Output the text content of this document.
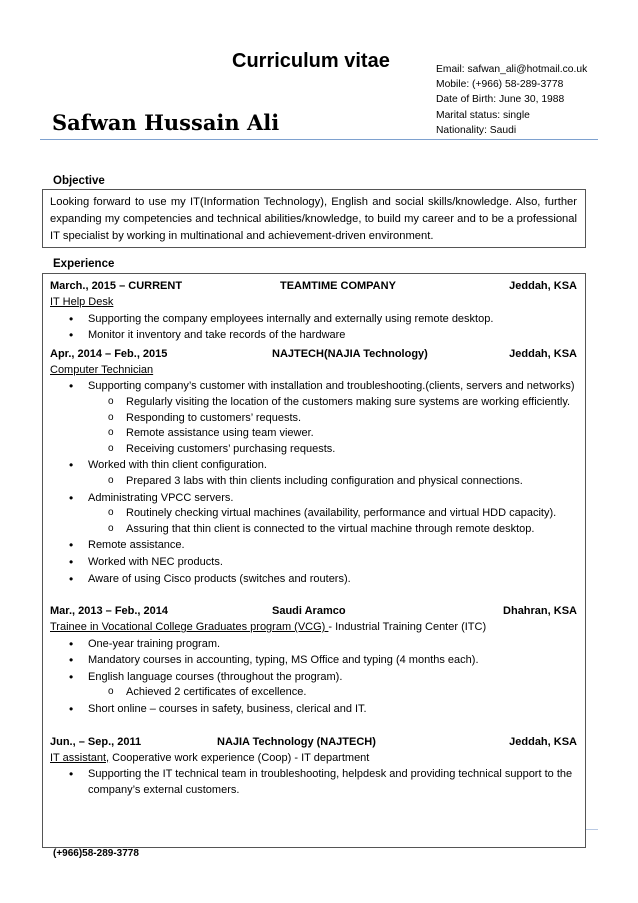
Curriculum vitae
Safwan Hussain Ali
Email: safwan_ali@hotmail.co.uk
Mobile: (+966) 58-289-3778
Date of Birth: June 30, 1988
Marital status: single
Nationality: Saudi
Objective
Looking forward to use my IT(Information Technology), English and social skills/knowledge. Also, further expanding my competencies and technical abilities/knowledge, to build my career and to be a professional IT specialist by working in multinational and achievement-driven environment.
Experience
March., 2015 – CURRENT	TEAMTIME COMPANY	Jeddah, KSA
IT Help Desk
• Supporting the company employees internally and externally using remote desktop.
• Monitor it inventory and take records of the hardware
Apr., 2014 – Feb., 2015	NAJTECH(NAJIA Technology)	Jeddah, KSA
Computer Technician
• Supporting company’s customer with installation and troubleshooting.(clients, servers and networks)
o Regularly visiting the location of the customers making sure systems are working efficiently.
o Responding to customers’ requests.
o Remote assistance using team viewer.
o Receiving customers’ purchasing requests.
• Worked with thin client configuration.
o Prepared 3 labs with thin clients including configuration and physical connections.
• Administrating VPCC servers.
o Routinely checking virtual machines (availability, performance and virtual HDD capacity).
o Assuring that thin client is connected to the virtual machine through remote desktop.
• Remote assistance.
• Worked with NEC products.
• Aware of using Cisco products (switches and routers).
Mar., 2013 – Feb., 2014	Saudi Aramco	Dhahran, KSA
Trainee in Vocational College Graduates program (VCG) - Industrial Training Center (ITC)
• One-year training program.
• Mandatory courses in accounting, typing, MS Office and typing (4 months each).
• English language courses (throughout the program).
o Achieved 2 certificates of excellence.
• Short online – courses in safety, business, clerical and IT.
Jun., – Sep., 2011	NAJIA Technology (NAJTECH)	Jeddah, KSA
IT assistant, Cooperative work experience (Coop) - IT department
• Supporting the IT technical team in troubleshooting, helpdesk and providing technical support to the company’s external customers.
(+966)58-289-3778
